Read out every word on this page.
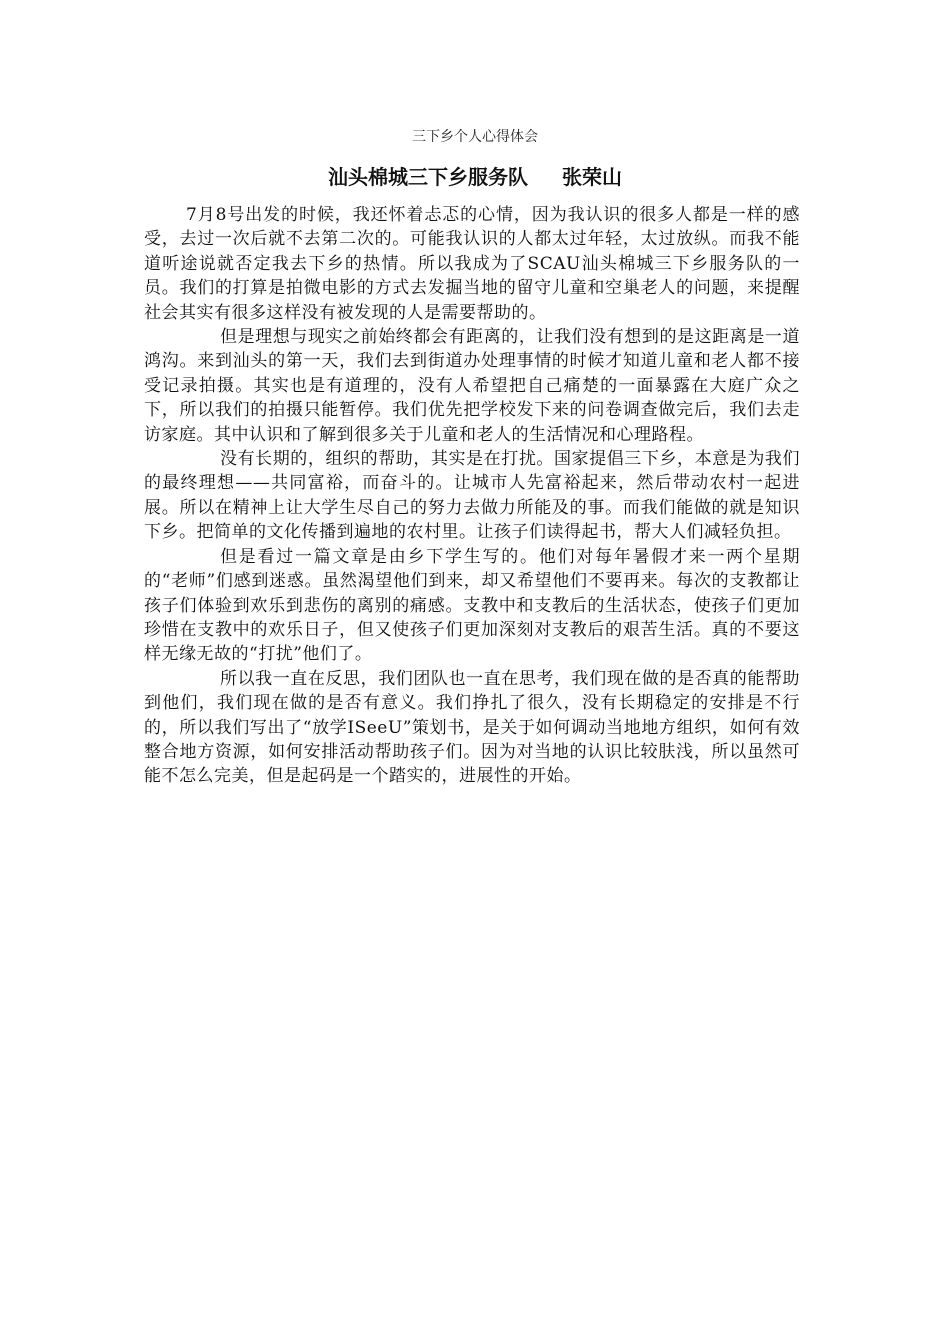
三下乡个人心得体会
汕头棉城三下乡服务队 张荣山

7月8号出发的时候，我还怀着忐忑的心情，因为我认识的很多人都是一样的感受，去过一次后就不去第二次的。可能我认识的人都太过年轻，太过放纵。而我不能道听途说就否定我去下乡的热情。所以我成为了SCAU汕头棉城三下乡服务队的一员。我们的打算是拍微电影的方式去发掘当地的留守儿童和空巢老人的问题，来提醒社会其实有很多这样没有被发现的人是需要帮助的。

但是理想与现实之前始终都会有距离的，让我们没有想到的是这距离是一道鸿沟。来到汕头的第一天，我们去到街道办处理事情的时候才知道儿童和老人都不接受记录拍摄。其实也是有道理的，没有人希望把自己痛楚的一面暴露在大庭广众之下，所以我们的拍摄只能暂停。我们优先把学校发下来的问卷调查做完后，我们去走访家庭。其中认识和了解到很多关于儿童和老人的生活情况和心理路程。

没有长期的，组织的帮助，其实是在打扰。国家提倡三下乡，本意是为我们的最终理想——共同富裕，而奋斗的。让城市人先富裕起来，然后带动农村一起进展。所以在精神上让大学生尽自己的努力去做力所能及的事。而我们能做的就是知识下乡。把简单的文化传播到遍地的农村里。让孩子们读得起书，帮大人们减轻负担。

但是看过一篇文章是由乡下学生写的。他们对每年暑假才来一两个星期的“老师”们感到迷惑。虽然渴望他们到来，却又希望他们不要再来。每次的支教都让孩子们体验到欢乐到悲伤的离别的痛感。支教中和支教后的生活状态，使孩子们更加珍惜在支教中的欢乐日子，但又使孩子们更加深刻对支教后的艰苦生活。真的不要这样无缘无故的“打扰”他们了。

所以我一直在反思，我们团队也一直在思考，我们现在做的是否真的能帮助到他们，我们现在做的是否有意义。我们挣扎了很久，没有长期稳定的安排是不行的，所以我们写出了“放学ISeeU”策划书，是关于如何调动当地地方组织，如何有效整合地方资源，如何安排活动帮助孩子们。因为对当地的认识比较肤浅，所以虽然可能不怎么完美，但是起码是一个踏实的，进展性的开始。
